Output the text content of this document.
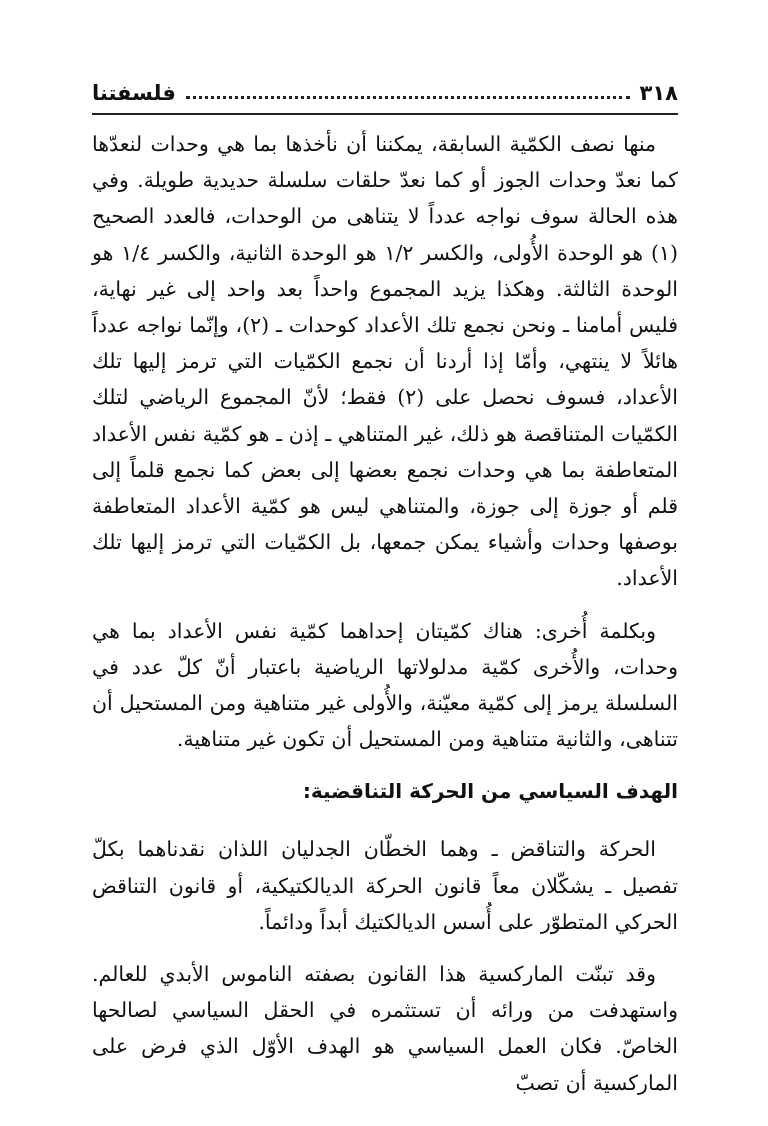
٣١٨
فلسفتنا

منها نصف الكمّية السابقة، يمكننا أن نأخذها بما هي وحدات لنعدّها كما نعدّ وحدات الجوز أو كما نعدّ حلقات سلسلة حديدية طويلة. وفي هذه الحالة سوف نواجه عدداً لا يتناهى من الوحدات، فالعدد الصحيح (١) هو الوحدة الأُولى، والكسر ١/٢ هو الوحدة الثانية، والكسر ١/٤ هو الوحدة الثالثة. وهكذا يزيد المجموع واحداً بعد واحد إلى غير نهاية، فليس أمامنا ـ ونحن نجمع تلك الأعداد كوحدات ـ (٢)، وإنّما نواجه عدداً هائلاً لا ينتهي، وأمّا إذا أردنا أن نجمع الكمّيات التي ترمز إليها تلك الأعداد، فسوف نحصل على (٢) فقط؛ لأنّ المجموع الرياضي لتلك الكمّيات المتناقصة هو ذلك، غير المتناهي ـ إذن ـ هو كمّية نفس الأعداد المتعاطفة بما هي وحدات نجمع بعضها إلى بعض كما نجمع قلماً إلى قلم أو جوزة إلى جوزة، والمتناهي ليس هو كمّية الأعداد المتعاطفة بوصفها وحدات وأشياء يمكن جمعها، بل الكمّيات التي ترمز إليها تلك الأعداد.

وبكلمة أُخرى: هناك كمّيتان إحداهما كمّية نفس الأعداد بما هي وحدات، والأُخرى كمّية مدلولاتها الرياضية باعتبار أنّ كلّ عدد في السلسلة يرمز إلى كمّية معيّنة، والأُولى غير متناهية ومن المستحيل أن تتناهى، والثانية متناهية ومن المستحيل أن تكون غير متناهية.

الهدف السياسي من الحركة التناقضية:

الحركة والتناقض ـ وهما الخطّان الجدليان اللذان نقدناهما بكلّ تفصيل ـ يشكّلان معاً قانون الحركة الديالكتيكية، أو قانون التناقض الحركي المتطوّر على أُسس الديالكتيك أبداً ودائماً.

وقد تبنّت الماركسية هذا القانون بصفته الناموس الأبدي للعالم. واستهدفت من ورائه أن تستثمره في الحقل السياسي لصالحها الخاصّ. فكان العمل السياسي هو الهدف الأوّل الذي فرض على الماركسية أن تصبّ
